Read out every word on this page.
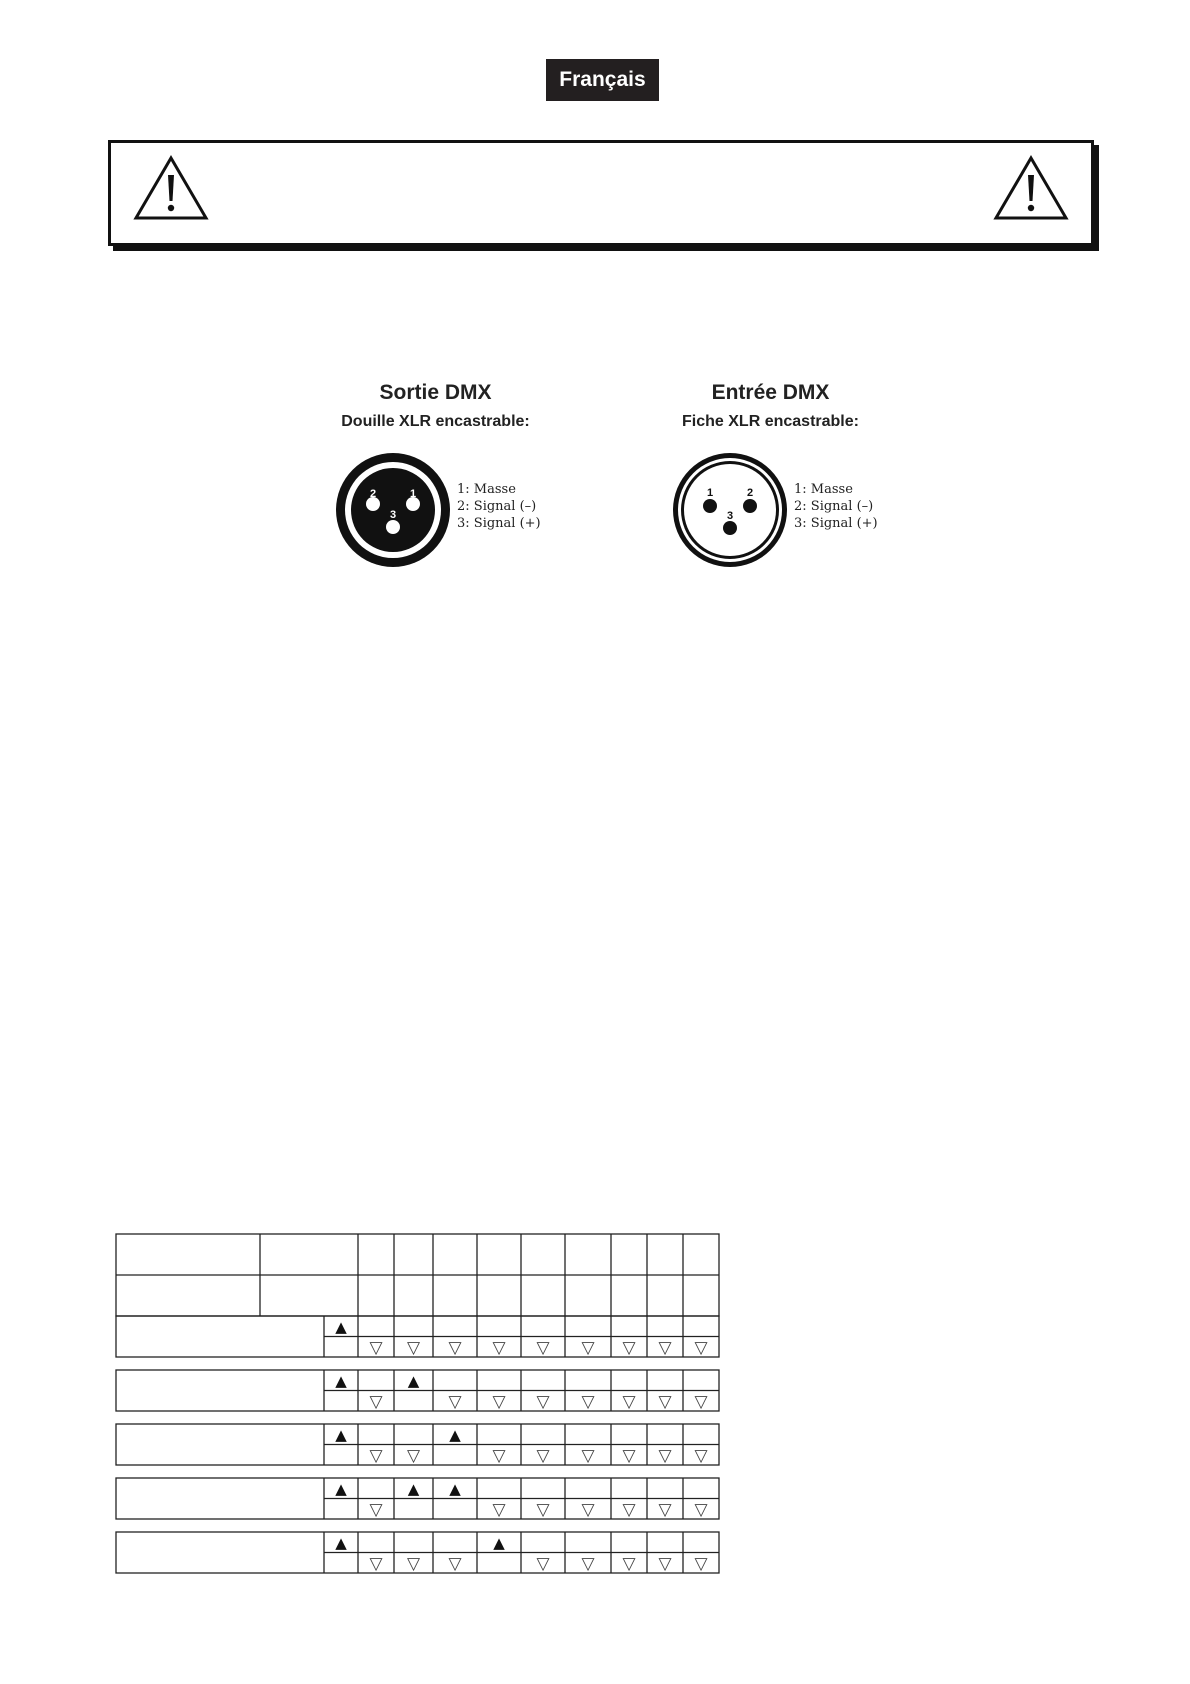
Français
Sortie DMX
Douille XLR encastrable:
2	1
3
1: Masse
2: Signal (–)
3: Signal (+)
Entrée DMX
Fiche XLR encastrable:
1	2
3
1: Masse
2: Signal (–)
3: Signal (+)
▲
▽ ▽ ▽ ▽ ▽ ▽ ▽ ▽ ▽
▲
▽
▲
▽ ▽ ▽ ▽ ▽ ▽ ▽
▲
▽ ▽
▲
▽ ▽ ▽ ▽ ▽ ▽
▲
▽
▲ ▲
▽ ▽ ▽ ▽ ▽ ▽
▲
▽ ▽ ▽
▲
▽ ▽ ▽ ▽ ▽
